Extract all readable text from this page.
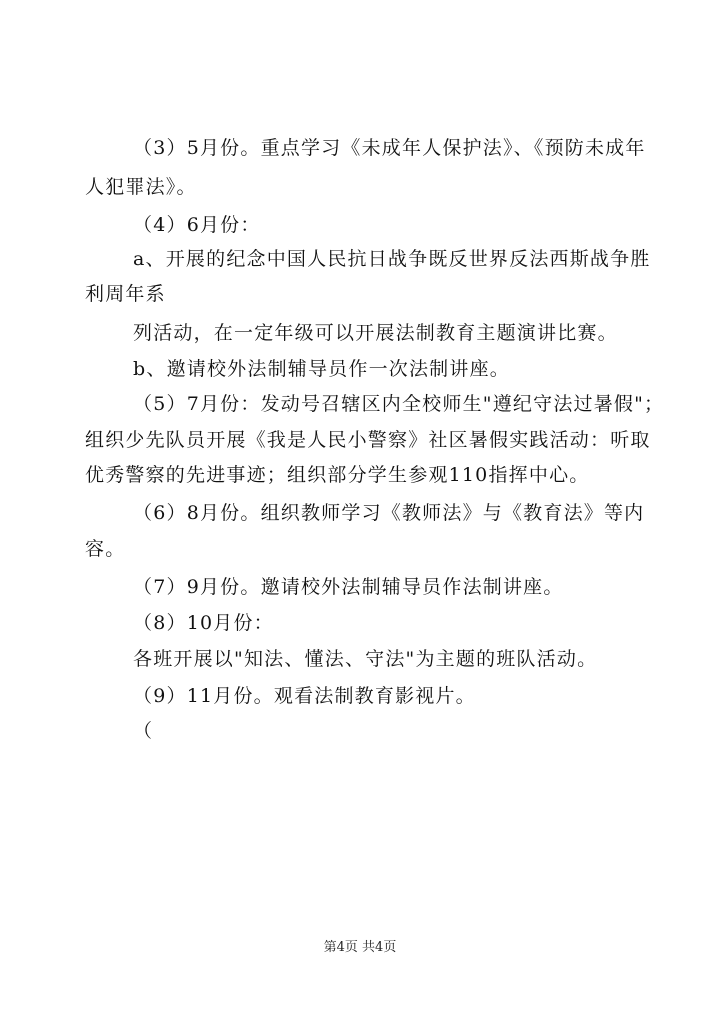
（3）5月份。重点学习《未成年人保护法》、《预防未成年
人犯罪法》。
（4）6月份：
a、开展的纪念中国人民抗日战争既反世界反法西斯战争胜
利周年系
列活动，在一定年级可以开展法制教育主题演讲比赛。
b、邀请校外法制辅导员作一次法制讲座。
（5）7月份：发动号召辖区内全校师生"遵纪守法过暑假"；
组织少先队员开展《我是人民小警察》社区暑假实践活动：听取
优秀警察的先进事迹；组织部分学生参观110指挥中心。
（6）8月份。组织教师学习《教师法》与《教育法》等内
容。
（7）9月份。邀请校外法制辅导员作法制讲座。
（8）10月份：
各班开展以"知法、懂法、守法"为主题的班队活动。
（9）11月份。观看法制教育影视片。
（
第4页 共4页
